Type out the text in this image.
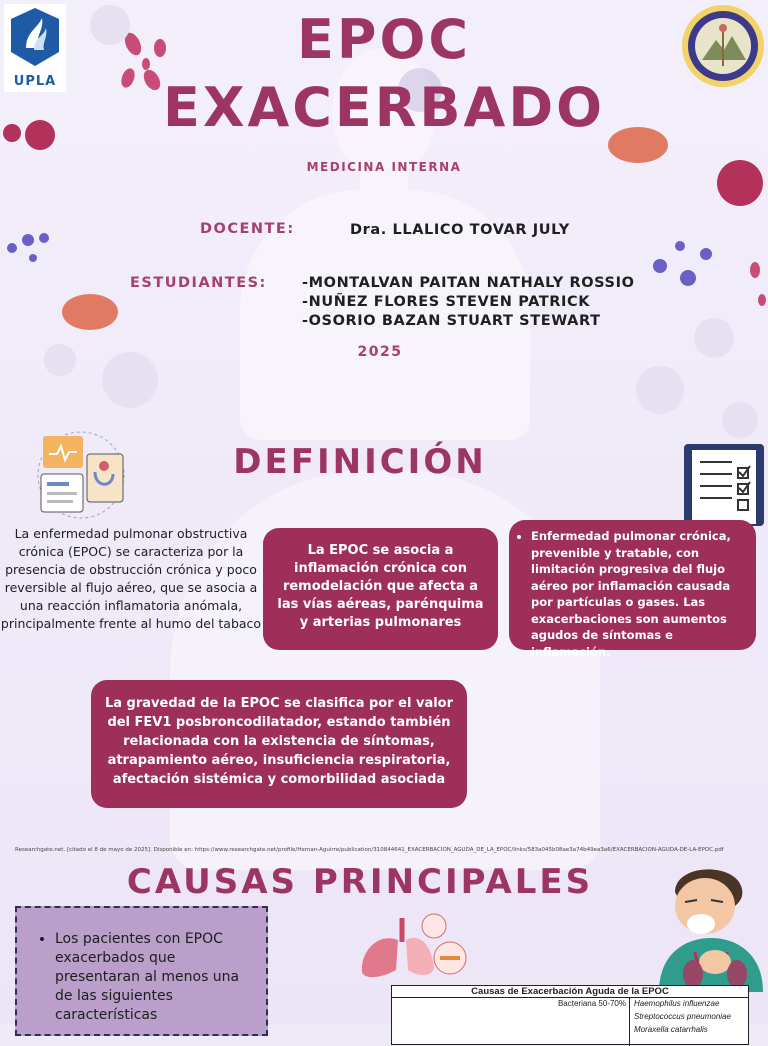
UPLA
EPOC
EXACERBADO
MEDICINA INTERNA
DOCENTE:	Dra. LLALICO TOVAR JULY
ESTUDIANTES: -MONTALVAN PAITAN NATHALY ROSSIO
-NUÑEZ FLORES STEVEN PATRICK
-OSORIO BAZAN STUART STEWART
2025
DEFINICIÓN
La enfermedad pulmonar obstructiva crónica (EPOC) se caracteriza por la presencia de obstrucción crónica y poco reversible al flujo aéreo, que se asocia a una reacción inflamatoria anómala, principalmente frente al humo del tabaco
La EPOC se asocia a inflamación crónica con remodelación que afecta a las vías aéreas, parénquima y arterias pulmonares
• Enfermedad pulmonar crónica, prevenible y tratable, con limitación progresiva del flujo aéreo por inflamación causada por partículas o gases. Las exacerbaciones son aumentos agudos de síntomas e inflamación.
La gravedad de la EPOC se clasifica por el valor del FEV1 posbroncodilatador, estando también relacionada con la existencia de síntomas, atrapamiento aéreo, insuficiencia respiratoria, afectación sistémica y comorbilidad asociada
Researchgate.net. [citado el 8 de mayo de 2025]. Disponible en: https://www.researchgate.net/profile/Hernan-Aguirre/publication/310844641_EXACERBACION_AGUDA_DE_LA_EPOC/links/583a045b08ae3a74b49ea3a6/EXACERBACION-AGUDA-DE-LA-EPOC.pdf
CAUSAS PRINCIPALES
• Los pacientes con EPOC exacerbados que presentaran al menos una de las siguientes características
Causas de Exacerbación Aguda de la EPOC
Bacteriana 50-70%	Haemophilus influenzae
Streptococcus pneumoniae
Moraxella catarrhalis
